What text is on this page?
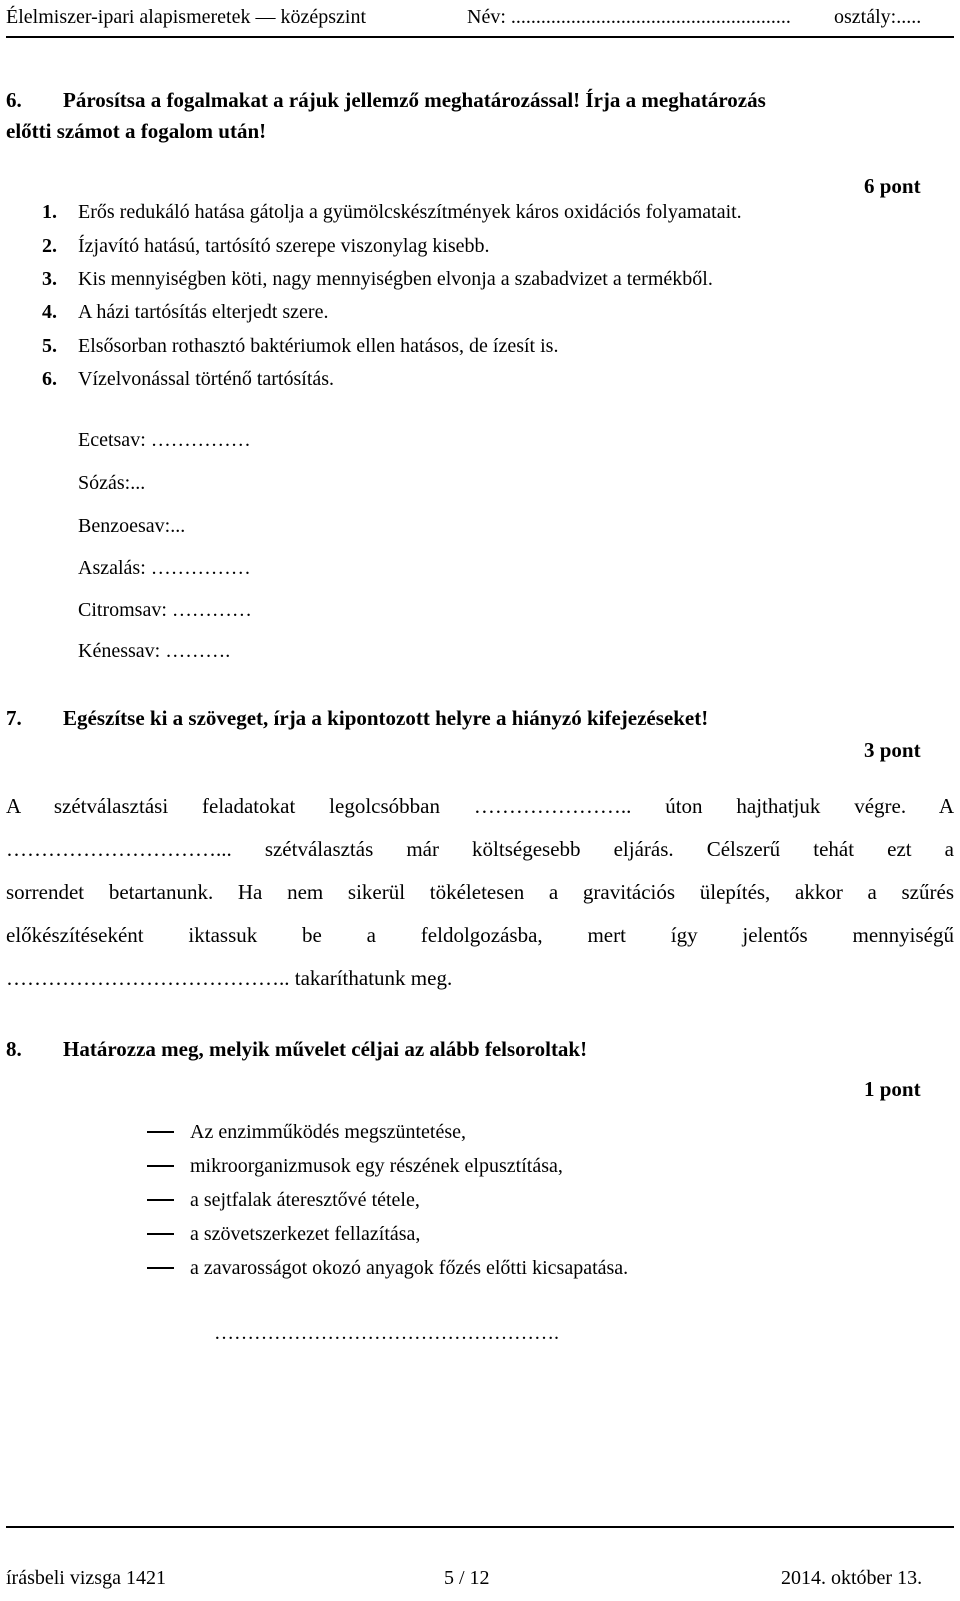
Élelmiszer-ipari alapismeretek — középszint	Név: ........................................................ osztály:.....
6. Párosítsa a fogalmakat a rájuk jellemző meghatározással! Írja a meghatározás
előtti számot a fogalom után!
6 pont
1. Erős redukáló hatása gátolja a gyümölcskészítmények káros oxidációs folyamatait.
2. Ízjavító hatású, tartósító szerepe viszonylag kisebb.
3. Kis mennyiségben köti, nagy mennyiségben elvonja a szabadvizet a termékből.
4. A házi tartósítás elterjedt szere.
5. Elsősorban rothasztó baktériumok ellen hatásos, de ízesít is.
6. Vízelvonással történő tartósítás.
Ecetsav: ……………
Sózás:...
Benzoesav:...
Aszalás: ……………
Citromsav: …………
Kénessav: ……….
7. Egészítse ki a szöveget, írja a kipontozott helyre a hiányzó kifejezéseket!
3 pont
A szétválasztási feladatokat legolcsóbban ………………….. úton hajthatjuk végre. A
…………………………... szétválasztás már költségesebb eljárás. Célszerű tehát ezt a
sorrendet betartanunk. Ha nem sikerül tökéletesen a gravitációs ülepítés, akkor a szűrés
előkészítéseként iktassuk be a feldolgozásba, mert így jelentős mennyiségű
………………………………….. takaríthatunk meg.
8. Határozza meg, melyik művelet céljai az alább felsoroltak!
1 pont
Az enzimműködés megszüntetése,
mikroorganizmusok egy részének elpusztítása,
a sejtfalak áteresztővé tétele,
a szövetszerkezet fellazítása,
a zavarosságot okozó anyagok főzés előtti kicsapatása.
…………………………………………….
írásbeli vizsga 1421	5 / 12	2014. október 13.
